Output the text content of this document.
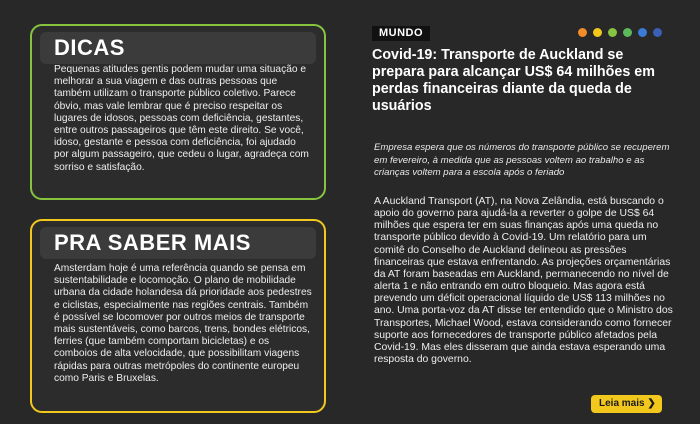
DICAS
Pequenas atitudes gentis podem mudar uma situação e melhorar a sua viagem e das outras pessoas que também utilizam o transporte público coletivo. Parece óbvio, mas vale lembrar que é preciso respeitar os lugares de idosos, pessoas com deficiência, gestantes, entre outros passageiros que têm este direito. Se você, idoso, gestante e pessoa com deficiência, foi ajudado por algum passageiro, que cedeu o lugar, agradeça com sorriso e satisfação.
PRA SABER MAIS
Amsterdam hoje é uma referência quando se pensa em sustentabilidade e locomoção. O plano de mobilidade urbana da cidade holandesa dá prioridade aos pedestres e ciclistas, especialmente nas regiões centrais. Também é possível se locomover por outros meios de transporte mais sustentáveis, como barcos, trens, bondes elétricos, ferries (que também comportam bicicletas) e os comboios de alta velocidade, que possibilitam viagens rápidas para outras metrópoles do continente europeu como Paris e Bruxelas.
MUNDO
Covid-19: Transporte de Auckland se prepara para alcançar US$ 64 milhões em perdas financeiras diante da queda de usuários
Empresa espera que os números do transporte público se recuperem em fevereiro, à medida que as pessoas voltem ao trabalho e as crianças voltem para a escola após o feriado
A Auckland Transport (AT), na Nova Zelândia, está buscando o apoio do governo para ajudá-la a reverter o golpe de US$ 64 milhões que espera ter em suas finanças após uma queda no transporte público devido à Covid-19. Um relatório para um comitê do Conselho de Auckland delineou as pressões financeiras que estava enfrentando. As projeções orçamentárias da AT foram baseadas em Auckland, permanecendo no nível de alerta 1 e não entrando em outro bloqueio. Mas agora está prevendo um déficit operacional líquido de US$ 113 milhões no ano. Uma porta-voz da AT disse ter entendido que o Ministro dos Transportes, Michael Wood, estava considerando como fornecer suporte aos fornecedores de transporte público afetados pela Covid-19. Mas eles disseram que ainda estava esperando uma resposta do governo.
Leia mais ❯
